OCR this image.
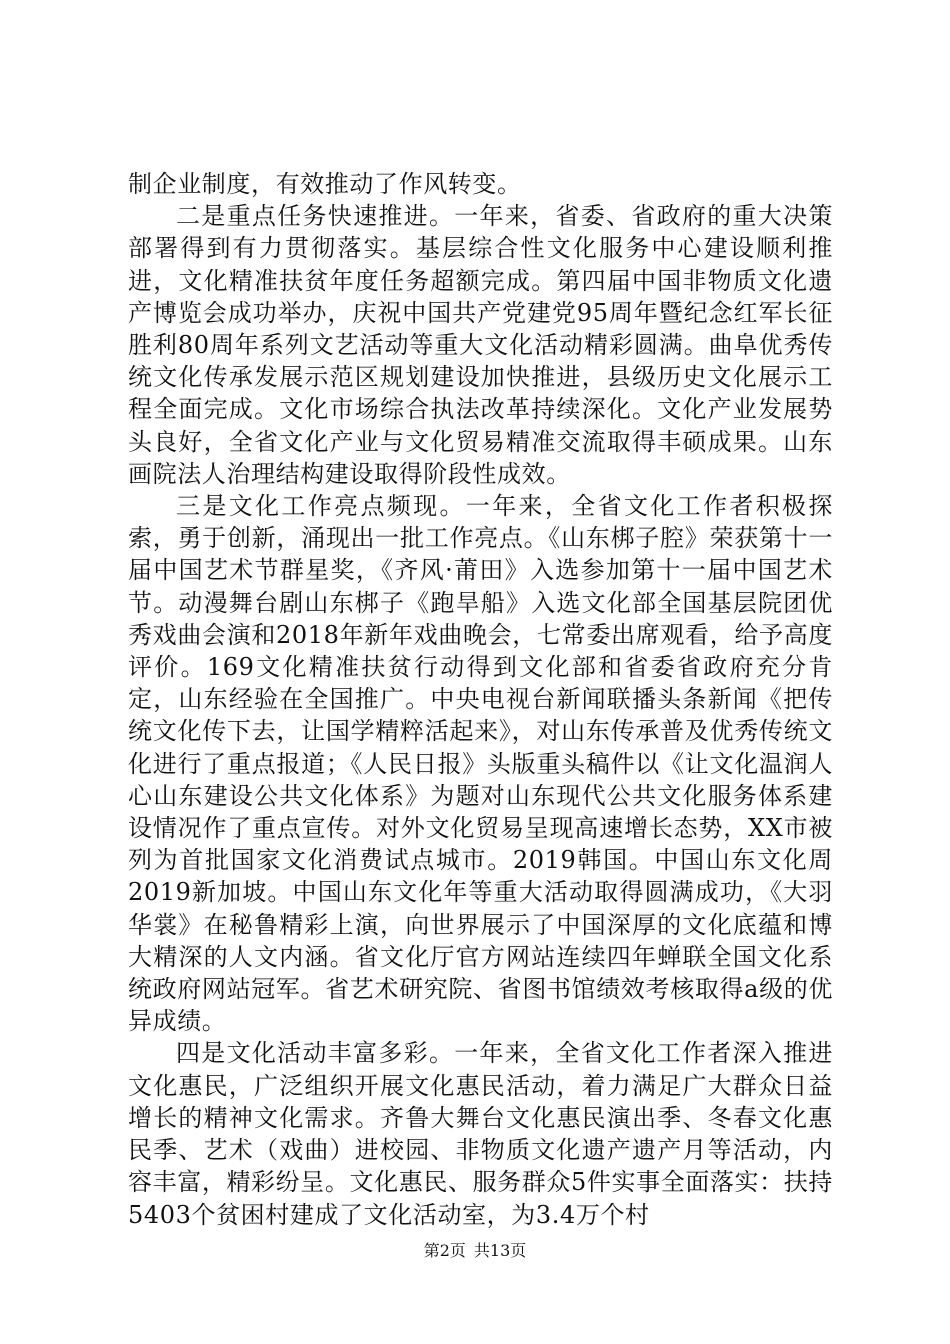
制企业制度，有效推动了作风转变。

二是重点任务快速推进。一年来，省委、省政府的重大决策部署得到有力贯彻落实。基层综合性文化服务中心建设顺利推进，文化精准扶贫年度任务超额完成。第四届中国非物质文化遗产博览会成功举办，庆祝中国共产党建党95周年暨纪念红军长征胜利80周年系列文艺活动等重大文化活动精彩圆满。曲阜优秀传统文化传承发展示范区规划建设加快推进，县级历史文化展示工程全面完成。文化市场综合执法改革持续深化。文化产业发展势头良好，全省文化产业与文化贸易精准交流取得丰硕成果。山东画院法人治理结构建设取得阶段性成效。

三是文化工作亮点频现。一年来，全省文化工作者积极探索，勇于创新，涌现出一批工作亮点。《山东梆子腔》荣获第十一届中国艺术节群星奖，《齐风·莆田》入选参加第十一届中国艺术节。动漫舞台剧山东梆子《跑旱船》入选文化部全国基层院团优秀戏曲会演和2018年新年戏曲晚会，七常委出席观看，给予高度评价。169文化精准扶贫行动得到文化部和省委省政府充分肯定，山东经验在全国推广。中央电视台新闻联播头条新闻《把传统文化传下去，让国学精粹活起来》，对山东传承普及优秀传统文化进行了重点报道；《人民日报》头版重头稿件以《让文化温润人心山东建设公共文化体系》为题对山东现代公共文化服务体系建设情况作了重点宣传。对外文化贸易呈现高速增长态势，XX市被列为首批国家文化消费试点城市。2019韩国。中国山东文化周2019新加坡。中国山东文化年等重大活动取得圆满成功，《大羽华裳》在秘鲁精彩上演，向世界展示了中国深厚的文化底蕴和博大精深的人文内涵。省文化厅官方网站连续四年蝉联全国文化系统政府网站冠军。省艺术研究院、省图书馆绩效考核取得a级的优异成绩。

四是文化活动丰富多彩。一年来，全省文化工作者深入推进文化惠民，广泛组织开展文化惠民活动，着力满足广大群众日益增长的精神文化需求。齐鲁大舞台文化惠民演出季、冬春文化惠民季、艺术（戏曲）进校园、非物质文化遗产遗产月等活动，内容丰富，精彩纷呈。文化惠民、服务群众5件实事全面落实：扶持5403个贫困村建成了文化活动室，为3.4万个村

第2页 共13页
